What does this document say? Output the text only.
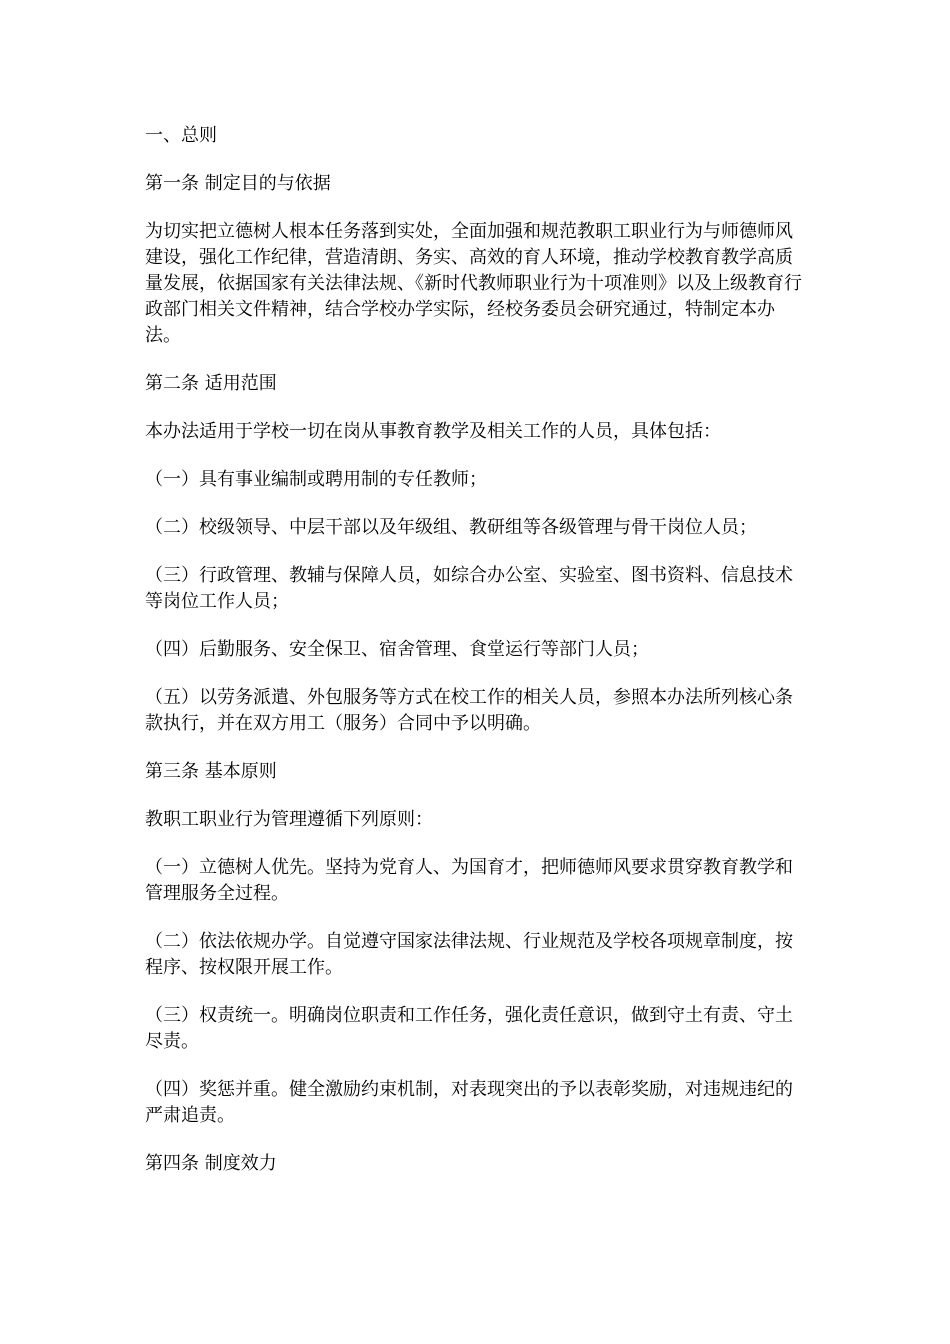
一、总则

第一条 制定目的与依据

为切实把立德树人根本任务落到实处，全面加强和规范教职工职业行为与师德师风建设，强化工作纪律，营造清朗、务实、高效的育人环境，推动学校教育教学高质量发展，依据国家有关法律法规、《新时代教师职业行为十项准则》以及上级教育行政部门相关文件精神，结合学校办学实际，经校务委员会研究通过，特制定本办法。

第二条 适用范围

本办法适用于学校一切在岗从事教育教学及相关工作的人员，具体包括：

（一）具有事业编制或聘用制的专任教师；

（二）校级领导、中层干部以及年级组、教研组等各级管理与骨干岗位人员；

（三）行政管理、教辅与保障人员，如综合办公室、实验室、图书资料、信息技术等岗位工作人员；

（四）后勤服务、安全保卫、宿舍管理、食堂运行等部门人员；

（五）以劳务派遣、外包服务等方式在校工作的相关人员，参照本办法所列核心条款执行，并在双方用工（服务）合同中予以明确。

第三条 基本原则

教职工职业行为管理遵循下列原则：

（一）立德树人优先。坚持为党育人、为国育才，把师德师风要求贯穿教育教学和管理服务全过程。

（二）依法依规办学。自觉遵守国家法律法规、行业规范及学校各项规章制度，按程序、按权限开展工作。

（三）权责统一。明确岗位职责和工作任务，强化责任意识，做到守土有责、守土尽责。

（四）奖惩并重。健全激励约束机制，对表现突出的予以表彰奖励，对违规违纪的严肃追责。

第四条 制度效力
